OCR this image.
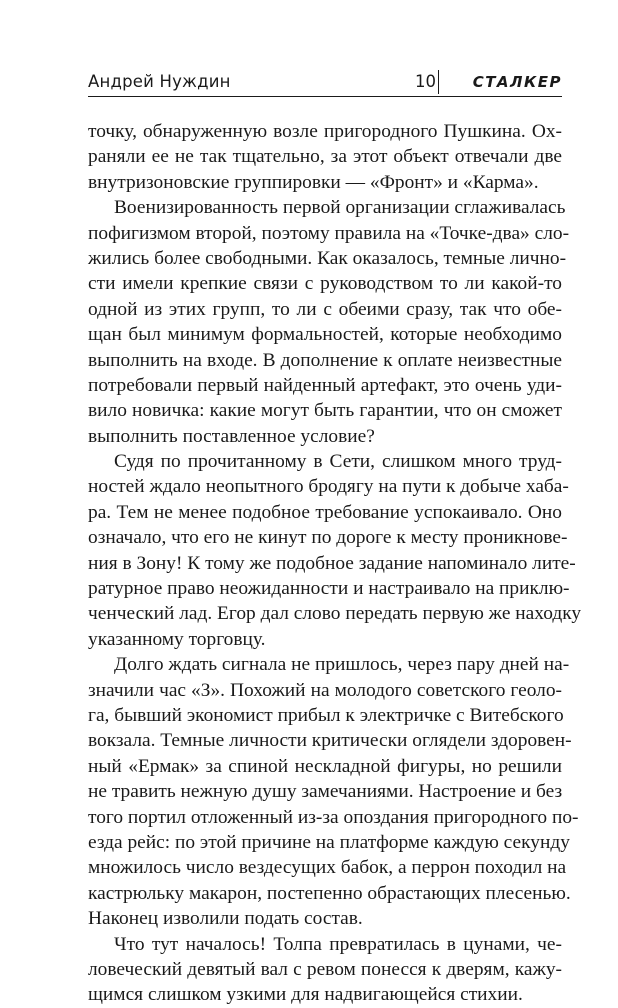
Андрей Нуждин	10 СТАЛКЕР
точку, обнаруженную возле пригородного Пушкина. Ох-
раняли ее не так тщательно, за этот объект отвечали две
внутризоновские группировки — «Фронт» и «Карма».
Военизированность первой организации сглаживалась
пофигизмом второй, поэтому правила на «Точке-два» сло-
жились более свободными. Как оказалось, темные лично-
сти имели крепкие связи с руководством то ли какой-то
одной из этих групп, то ли с обеими сразу, так что обе-
щан был минимум формальностей, которые необходимо
выполнить на входе. В дополнение к оплате неизвестные
потребовали первый найденный артефакт, это очень уди-
вило новичка: какие могут быть гарантии, что он сможет
выполнить поставленное условие?
Судя по прочитанному в Сети, слишком много труд-
ностей ждало неопытного бродягу на пути к добыче хаба-
ра. Тем не менее подобное требование успокаивало. Оно
означало, что его не кинут по дороге к месту проникнове-
ния в Зону! К тому же подобное задание напоминало лите-
ратурное право неожиданности и настраивало на приклю-
ченческий лад. Егор дал слово передать первую же находку
указанному торговцу.
Долго ждать сигнала не пришлось, через пару дней на-
значили час «З». Похожий на молодого советского геоло-
га, бывший экономист прибыл к электричке с Витебского
вокзала. Темные личности критически оглядели здоровен-
ный «Ермак» за спиной нескладной фигуры, но решили
не травить нежную душу замечаниями. Настроение и без
того портил отложенный из-за опоздания пригородного по-
езда рейс: по этой причине на платформе каждую секунду
множилось число вездесущих бабок, а перрон походил на
кастрюльку макарон, постепенно обрастающих плесенью.
Наконец изволили подать состав.
Что тут началось! Толпа превратилась в цунами, че-
ловеческий девятый вал с ревом понесся к дверям, кажу-
щимся слишком узкими для надвигающейся стихии.
